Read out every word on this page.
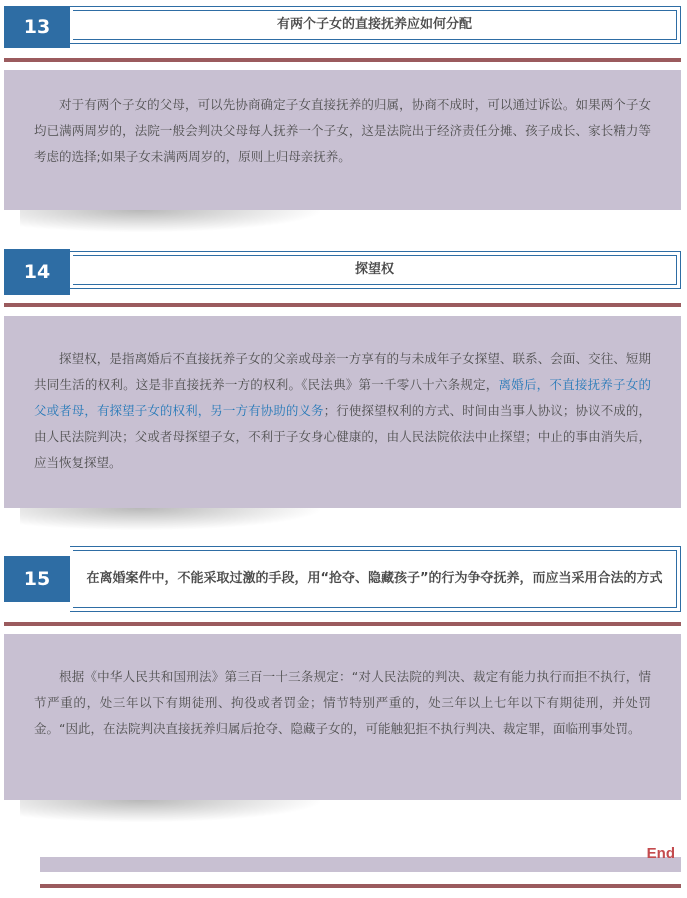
13	有两个子女的直接抚养应如何分配

对于有两个子女的父母，可以先协商确定子女直接抚养的归属，协商不成时，可以通过诉讼。如果两个子女均已满两周岁的，法院一般会判决父母每人抚养一个子女，这是法院出于经济责任分摊、孩子成长、家长精力等考虑的选择;如果子女未满两周岁的，原则上归母亲抚养。

14	探望权

探望权，是指离婚后不直接抚养子女的父亲或母亲一方享有的与未成年子女探望、联系、会面、交往、短期共同生活的权利。这是非直接抚养一方的权利。《民法典》第一千零八十六条规定，离婚后，不直接抚养子女的父或者母，有探望子女的权利，另一方有协助的义务；行使探望权利的方式、时间由当事人协议；协议不成的，由人民法院判决；父或者母探望子女，不利于子女身心健康的，由人民法院依法中止探望；中止的事由消失后，应当恢复探望。

15	在离婚案件中，不能采取过激的手段，用“抢夺、隐藏孩子”的行为争夺抚养，而应当采用合法的方式

根据《中华人民共和国刑法》第三百一十三条规定：“对人民法院的判决、裁定有能力执行而拒不执行，情节严重的，处三年以下有期徒刑、拘役或者罚金；情节特别严重的，处三年以上七年以下有期徒刑，并处罚金。“因此，在法院判决直接抚养归属后抢夺、隐藏子女的，可能触犯拒不执行判决、裁定罪，面临刑事处罚。

End
